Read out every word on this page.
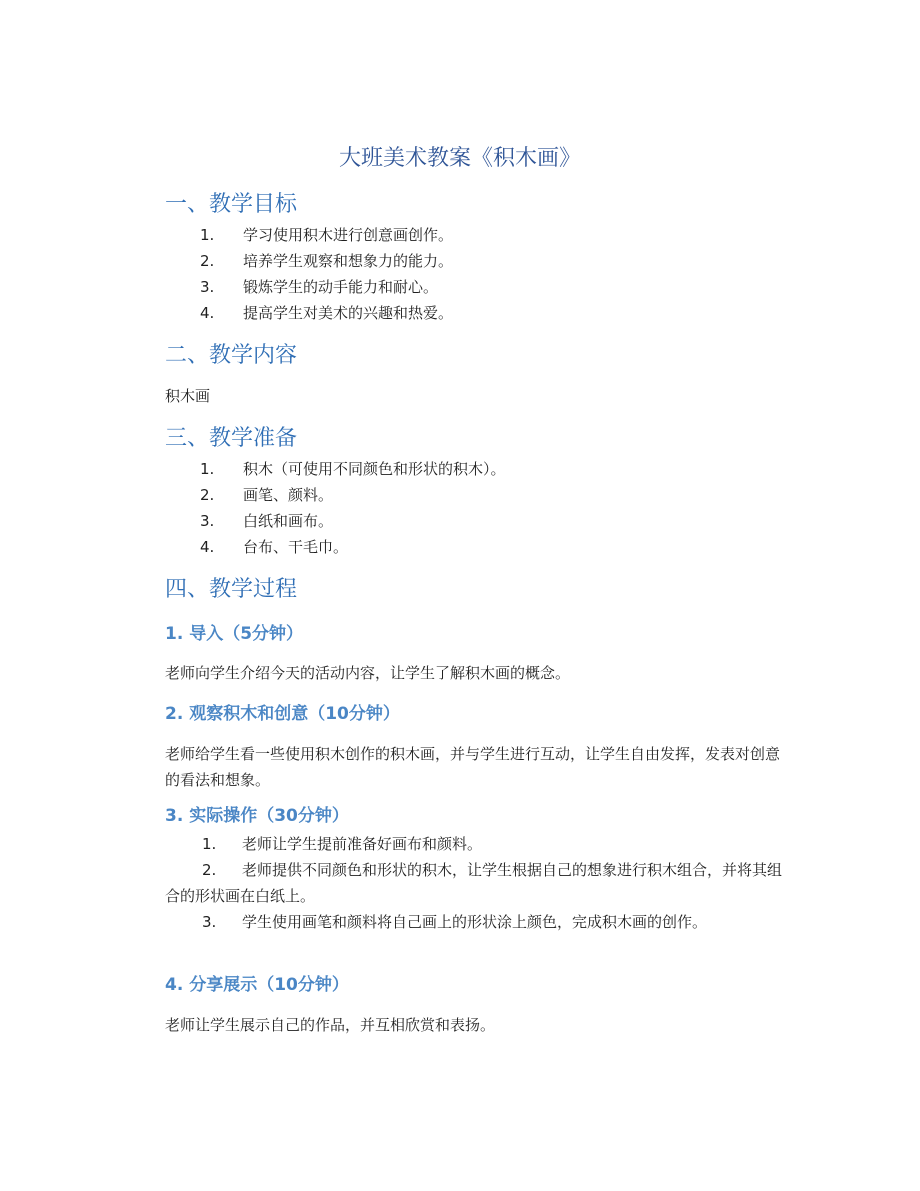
大班美术教案《积木画》
一、教学目标
1.	学习使用积木进行创意画创作。
2.	培养学生观察和想象力的能力。
3.	锻炼学生的动手能力和耐心。
4.	提高学生对美术的兴趣和热爱。
二、教学内容

积木画

三、教学准备
1.	积木（可使用不同颜色和形状的积木）。
2.	画笔、颜料。
3.	白纸和画布。
4.	台布、干毛巾。
四、教学过程
1. 导入（5分钟）

老师向学生介绍今天的活动内容，让学生了解积木画的概念。

2. 观察积木和创意（10分钟）

老师给学生看一些使用积木创作的积木画，并与学生进行互动，让学生自由发挥，发表对创意的看法和想象。

3. 实际操作（30分钟）
1. 老师让学生提前准备好画布和颜料。
2. 老师提供不同颜色和形状的积木，让学生根据自己的想象进行积木组合，并将其组合的形状画在白纸上。
3. 学生使用画笔和颜料将自己画上的形状涂上颜色，完成积木画的创作。
4. 分享展示（10分钟）

老师让学生展示自己的作品，并互相欣赏和表扬。
